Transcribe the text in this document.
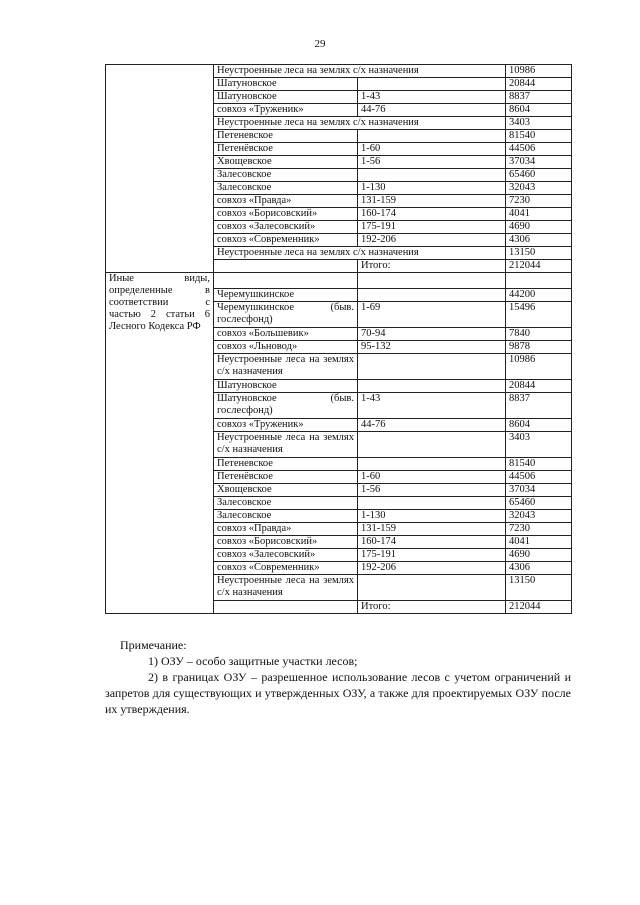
29
	Неустроенные леса на землях с/х назначения		10986
	Шатуновское		20844
	Шатуновское	1-43	8837
	совхоз «Труженик»	44-76	8604
	Неустроенные леса на землях с/х назначения		3403
	Петеневское		81540
	Петенёвское	1-60	44506
	Хвощевское	1-56	37034
	Залесовское		65460
	Залесовское	1-130	32043
	совхоз «Правда»	131-159	7230
	совхоз «Борисовский»	160-174	4041
	совхоз «Залесовский»	175-191	4690
	совхоз «Современник»	192-206	4306
	Неустроенные леса на землях с/х назначения		13150
		Итого:	212044
Иные виды, определенные в соответствии с частью 2 статьи 6 Лесного Кодекса РФ			
	Черемушкинское		44200
	Черемушкинское (быв. гослесфонд)	1-69	15496
	совхоз «Большевик»	70-94	7840
	совхоз «Льновод»	95-132	9878
	Неустроенные леса на землях с/х назначения		10986
	Шатуновское		20844
	Шатуновское (быв. гослесфонд)	1-43	8837
	совхоз «Труженик»	44-76	8604
	Неустроенные леса на землях с/х назначения		3403
	Петеневское		81540
	Петенёвское	1-60	44506
	Хвощевское	1-56	37034
	Залесовское		65460
	Залесовское	1-130	32043
	совхоз «Правда»	131-159	7230
	совхоз «Борисовский»	160-174	4041
	совхоз «Залесовский»	175-191	4690
	совхоз «Современник»	192-206	4306
	Неустроенные леса на землях с/х назначения		13150
		Итого:	212044
Примечание:
1) ОЗУ – особо защитные участки лесов;
2) в границах ОЗУ – разрешенное использование лесов с учетом ограничений и запретов для существующих и утвержденных ОЗУ, а также для проектируемых ОЗУ после их утверждения.
